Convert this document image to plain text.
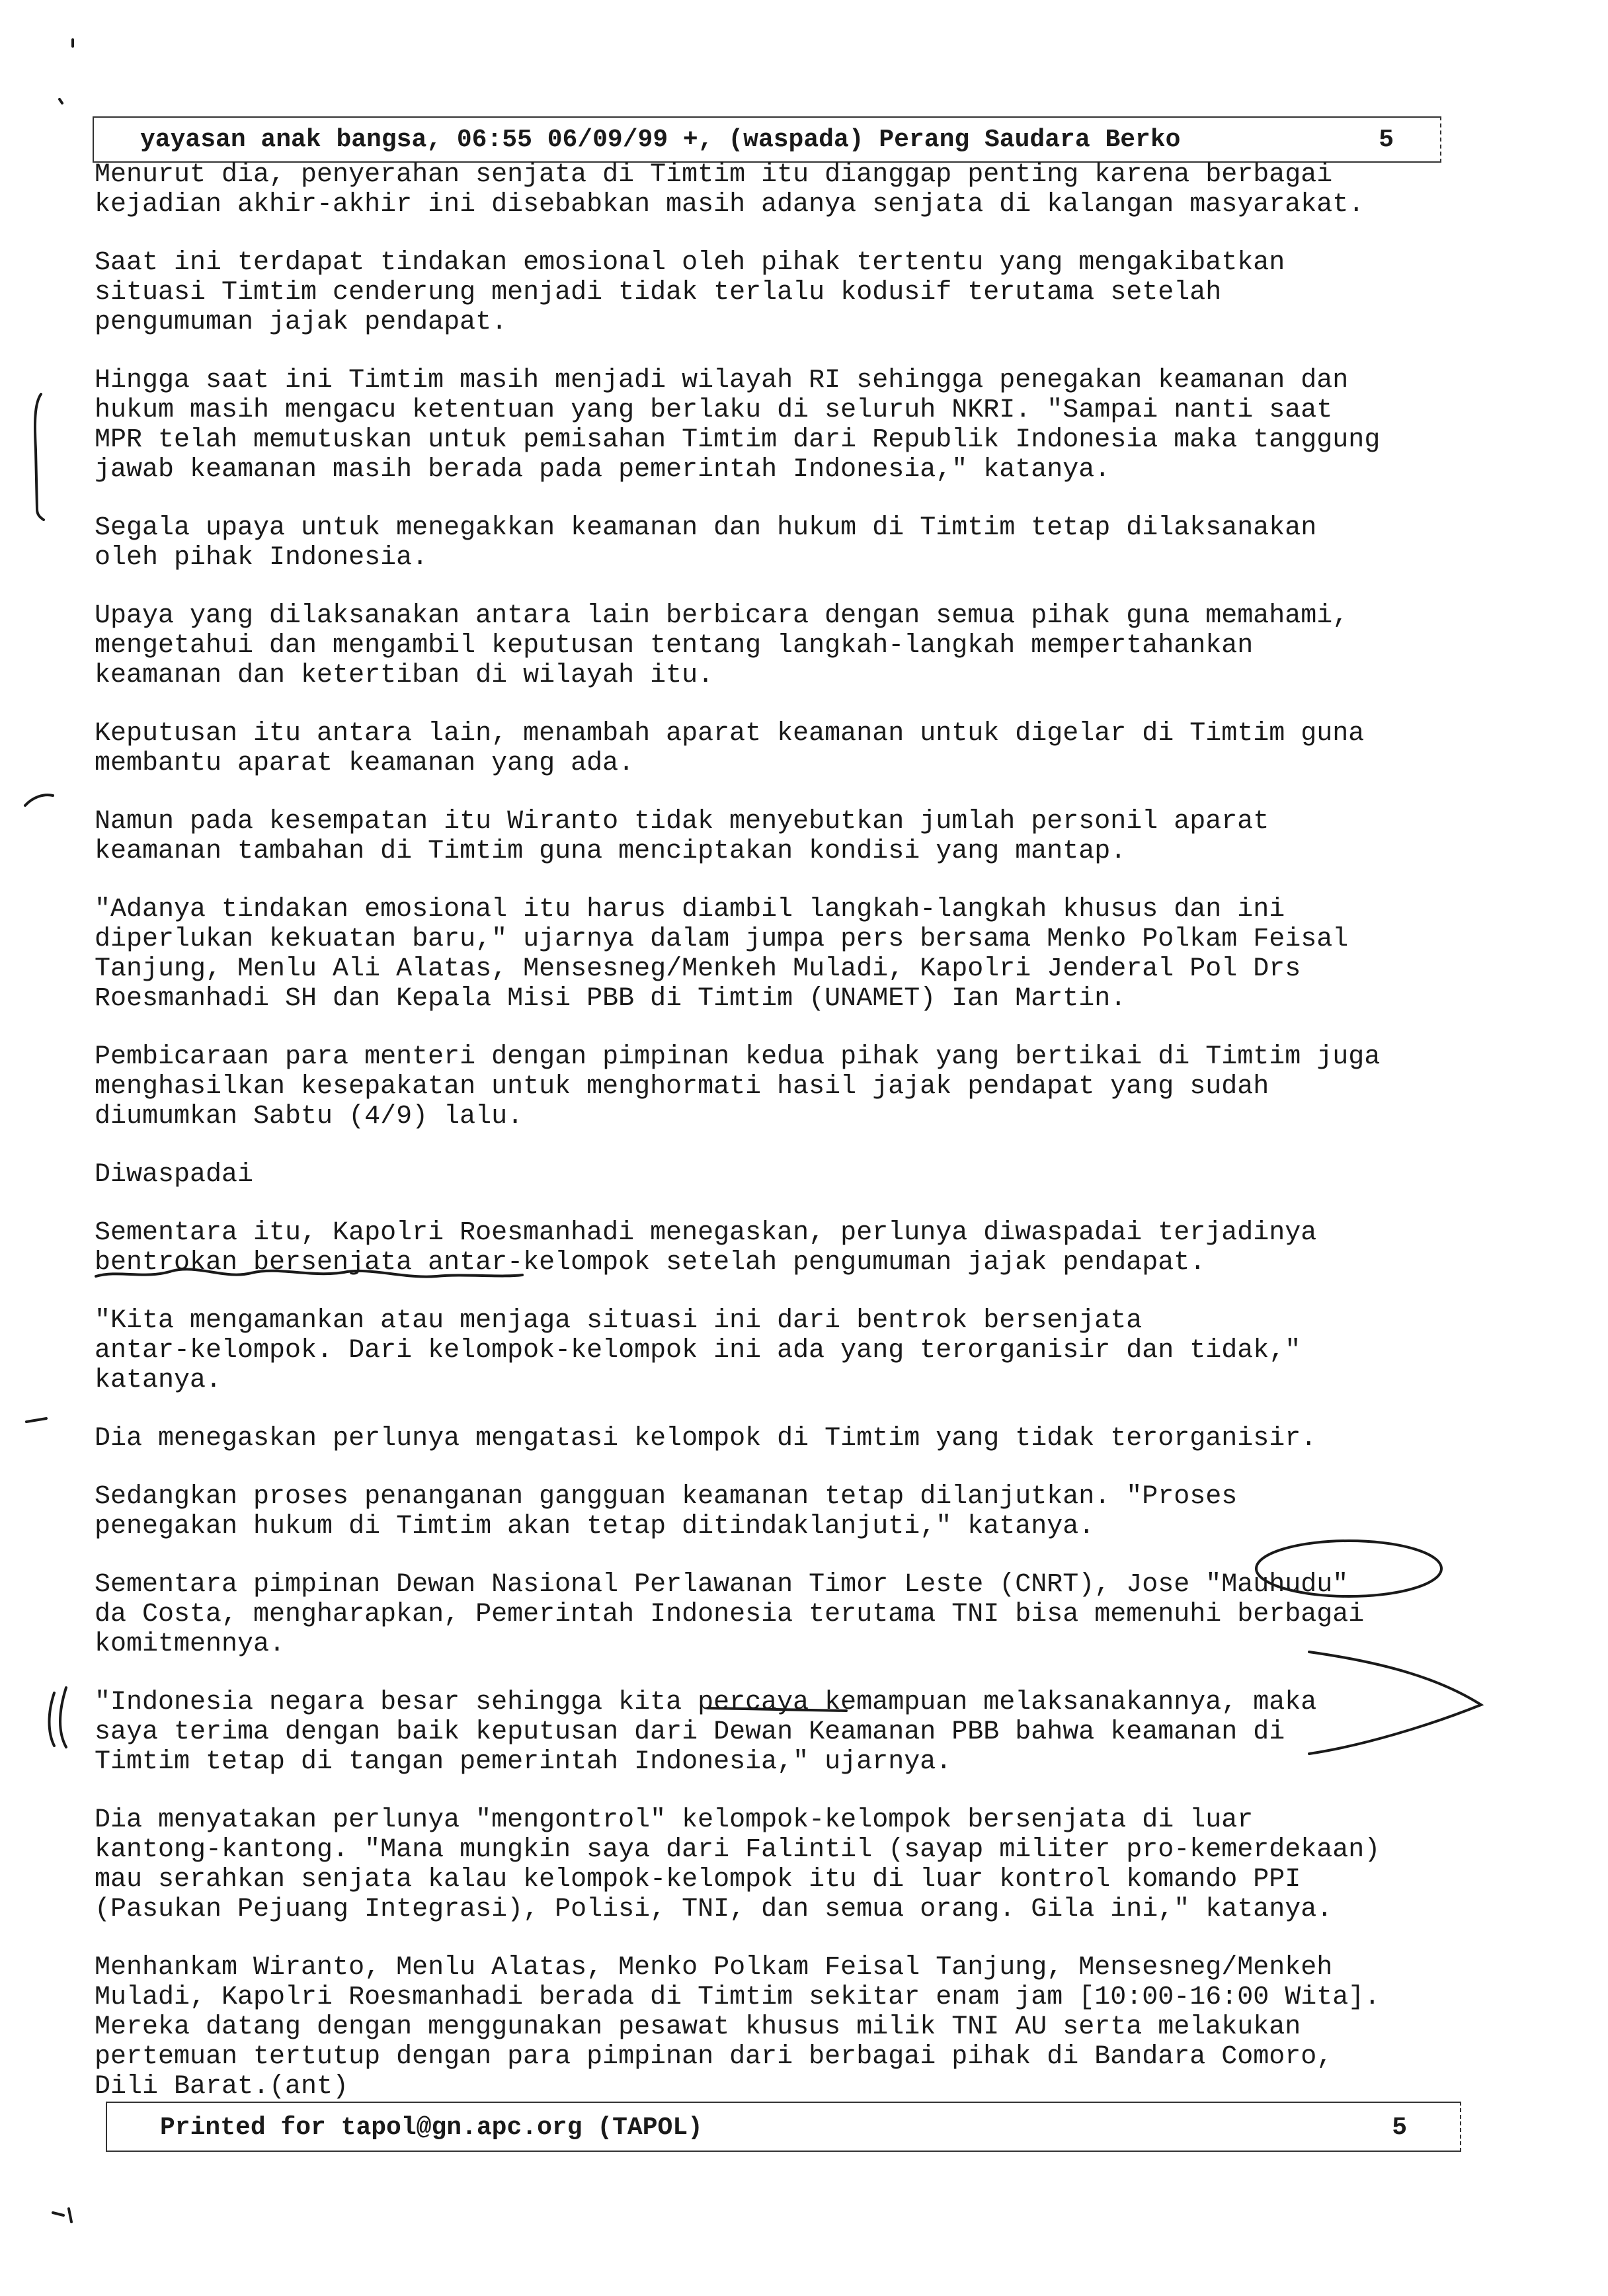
yayasan anak bangsa, 06:55 06/09/99 +, (waspada) Perang Saudara Berko	5

Menurut dia, penyerahan senjata di Timtim itu dianggap penting karena berbagai
kejadian akhir-akhir ini disebabkan masih adanya senjata di kalangan masyarakat.

Saat ini terdapat tindakan emosional oleh pihak tertentu yang mengakibatkan
situasi Timtim cenderung menjadi tidak terlalu kodusif terutama setelah
pengumuman jajak pendapat.

Hingga saat ini Timtim masih menjadi wilayah RI sehingga penegakan keamanan dan
hukum masih mengacu ketentuan yang berlaku di seluruh NKRI. "Sampai nanti saat
MPR telah memutuskan untuk pemisahan Timtim dari Republik Indonesia maka tanggung
jawab keamanan masih berada pada pemerintah Indonesia," katanya.

Segala upaya untuk menegakkan keamanan dan hukum di Timtim tetap dilaksanakan
oleh pihak Indonesia.

Upaya yang dilaksanakan antara lain berbicara dengan semua pihak guna memahami,
mengetahui dan mengambil keputusan tentang langkah-langkah mempertahankan
keamanan dan ketertiban di wilayah itu.

Keputusan itu antara lain, menambah aparat keamanan untuk digelar di Timtim guna
membantu aparat keamanan yang ada.

Namun pada kesempatan itu Wiranto tidak menyebutkan jumlah personil aparat
keamanan tambahan di Timtim guna menciptakan kondisi yang mantap.

"Adanya tindakan emosional itu harus diambil langkah-langkah khusus dan ini
diperlukan kekuatan baru," ujarnya dalam jumpa pers bersama Menko Polkam Feisal
Tanjung, Menlu Ali Alatas, Mensesneg/Menkeh Muladi, Kapolri Jenderal Pol Drs
Roesmanhadi SH dan Kepala Misi PBB di Timtim (UNAMET) Ian Martin.

Pembicaraan para menteri dengan pimpinan kedua pihak yang bertikai di Timtim juga
menghasilkan kesepakatan untuk menghormati hasil jajak pendapat yang sudah
diumumkan Sabtu (4/9) lalu.

Diwaspadai

Sementara itu, Kapolri Roesmanhadi menegaskan, perlunya diwaspadai terjadinya
bentrokan bersenjata antar-kelompok setelah pengumuman jajak pendapat.

"Kita mengamankan atau menjaga situasi ini dari bentrok bersenjata
antar-kelompok. Dari kelompok-kelompok ini ada yang terorganisir dan tidak,"
katanya.

Dia menegaskan perlunya mengatasi kelompok di Timtim yang tidak terorganisir.

Sedangkan proses penanganan gangguan keamanan tetap dilanjutkan. "Proses
penegakan hukum di Timtim akan tetap ditindaklanjuti," katanya.

Sementara pimpinan Dewan Nasional Perlawanan Timor Leste (CNRT), Jose "Mauhudu"
da Costa, mengharapkan, Pemerintah Indonesia terutama TNI bisa memenuhi berbagai
komitmennya.

"Indonesia negara besar sehingga kita percaya kemampuan melaksanakannya, maka
saya terima dengan baik keputusan dari Dewan Keamanan PBB bahwa keamanan di
Timtim tetap di tangan pemerintah Indonesia," ujarnya.

Dia menyatakan perlunya "mengontrol" kelompok-kelompok bersenjata di luar
kantong-kantong. "Mana mungkin saya dari Falintil (sayap militer pro-kemerdekaan)
mau serahkan senjata kalau kelompok-kelompok itu di luar kontrol komando PPI
(Pasukan Pejuang Integrasi), Polisi, TNI, dan semua orang. Gila ini," katanya.

Menhankam Wiranto, Menlu Alatas, Menko Polkam Feisal Tanjung, Mensesneg/Menkeh
Muladi, Kapolri Roesmanhadi berada di Timtim sekitar enam jam [10:00-16:00 Wita].
Mereka datang dengan menggunakan pesawat khusus milik TNI AU serta melakukan
pertemuan tertutup dengan para pimpinan dari berbagai pihak di Bandara Comoro,
Dili Barat.(ant)

Printed for tapol@gn.apc.org (TAPOL)	5
